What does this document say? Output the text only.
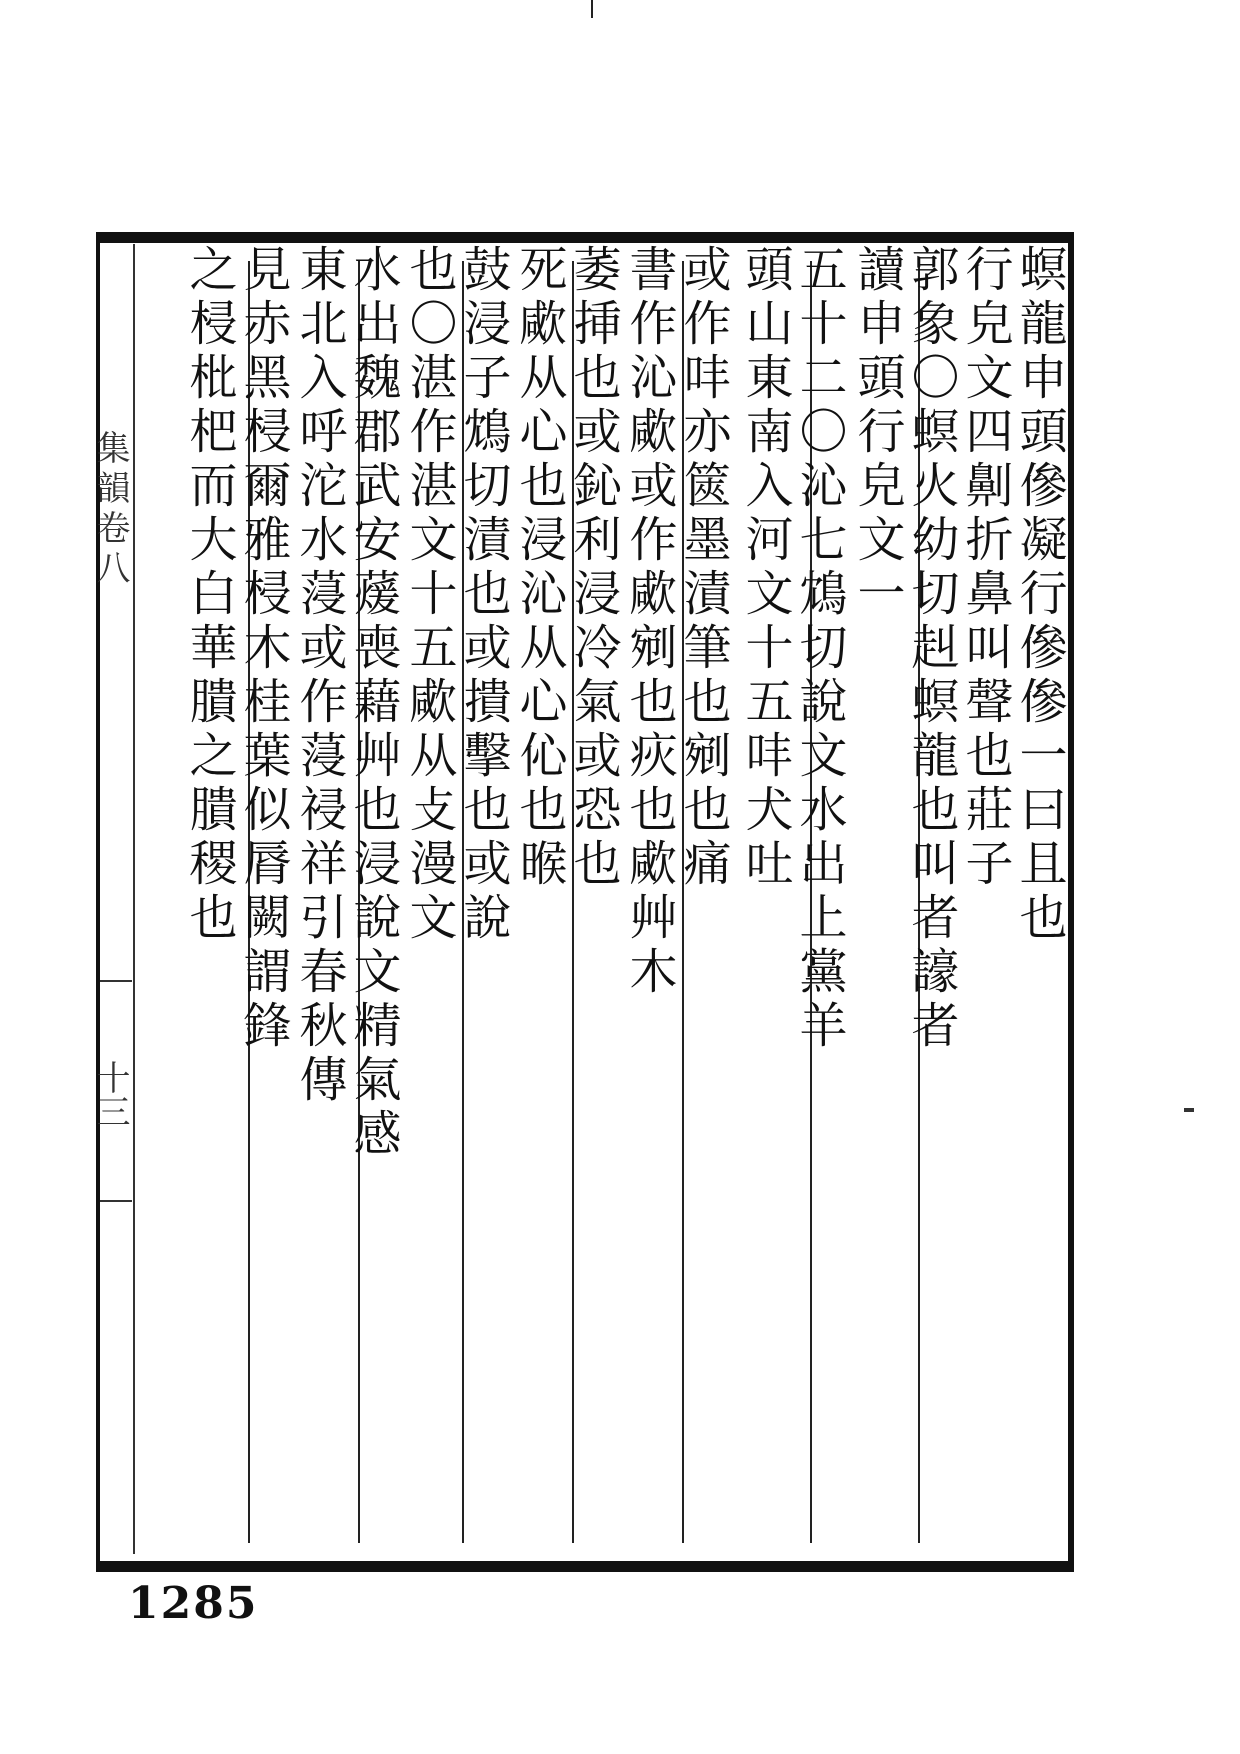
集韻卷八
十三
螟龍申頭傪凝行傪傪一曰且也
行皃文四劓折鼻叫聲也莊子
郭象〇螟火幼切赳螟龍也叫者譹者
讀申頭行皃文一
五十二〇沁七鴆切說文水出上黨羊
頭山東南入河文十五㕩犬吐
或作㕩亦篋墨漬筆也剜也痛
書作沁㰹或作㰹剜也疢也㰹艸木
萎挿也或鈊利浸冷氣或恐也
死㰹从心也浸沁从心伈也㬋
鼓浸子鴆切漬也或撌擊也或說
也〇湛作湛文十五㰹从攴漫文
水出魏郡武安蕿喪藉艸也浸說文精氣感
東北入呼沱水蓡或作蓡祲祥引春秋傳
見赤黑梫爾雅梫木桂葉似脣闕謂鋒
之梫枇杷而大白華膭之膭稷也
1285
